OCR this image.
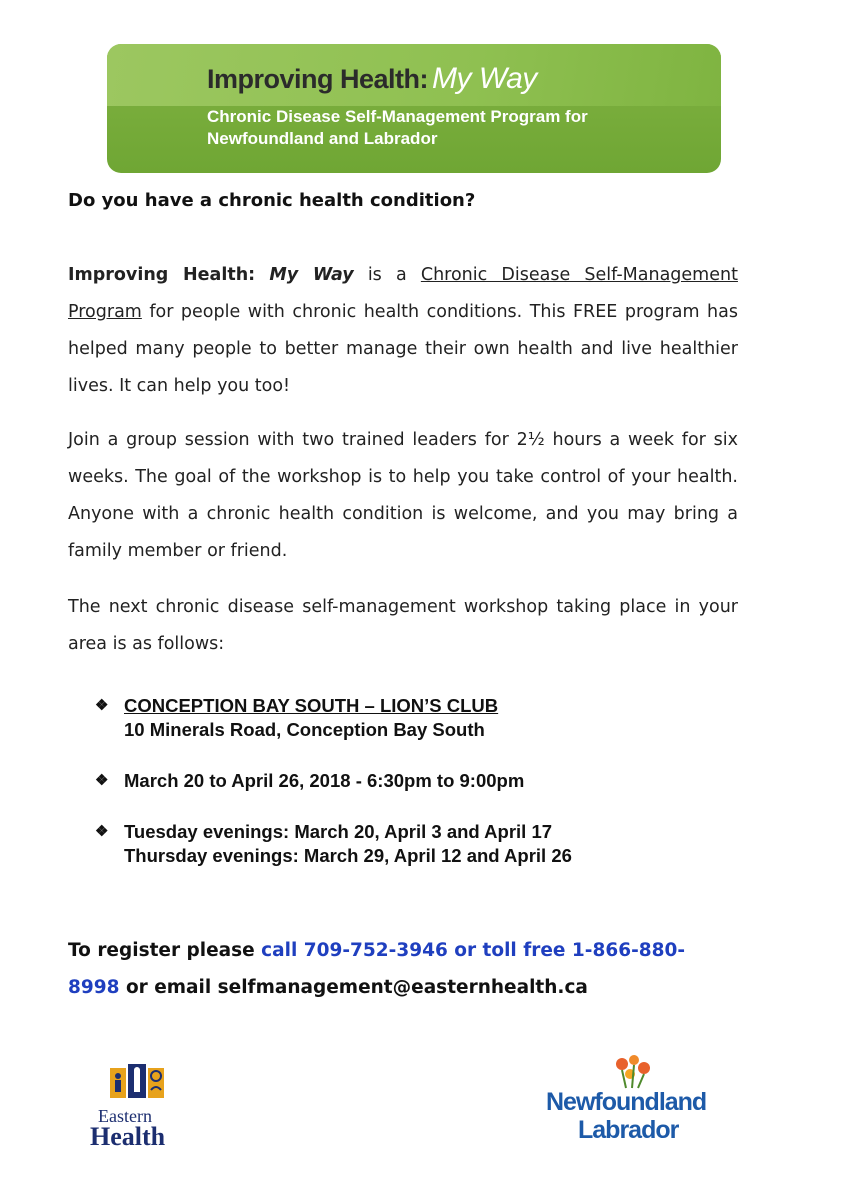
Improving Health: My Way
Chronic Disease Self-Management Program for
Newfoundland and Labrador
Do you have a chronic health condition?

Improving Health: My Way is a Chronic Disease Self-Management Program for people with chronic health conditions. This FREE program has helped many people to better manage their own health and live healthier lives. It can help you too!

Join a group session with two trained leaders for 2½ hours a week for six weeks. The goal of the workshop is to help you take control of your health. Anyone with a chronic health condition is welcome, and you may bring a family member or friend.

The next chronic disease self-management workshop taking place in your area is as follows:

❖ CONCEPTION BAY SOUTH – LION’S CLUB
10 Minerals Road, Conception Bay South
❖ March 20 to April 26, 2018 - 6:30pm to 9:00pm
❖ Tuesday evenings: March 20, April 3 and April 17
Thursday evenings: March 29, April 12 and April 26
To register please call 709-752-3946 or toll free 1-866-880-8998 or email selfmanagement@easternhealth.ca
Eastern
Health
Newfoundland
Labrador
